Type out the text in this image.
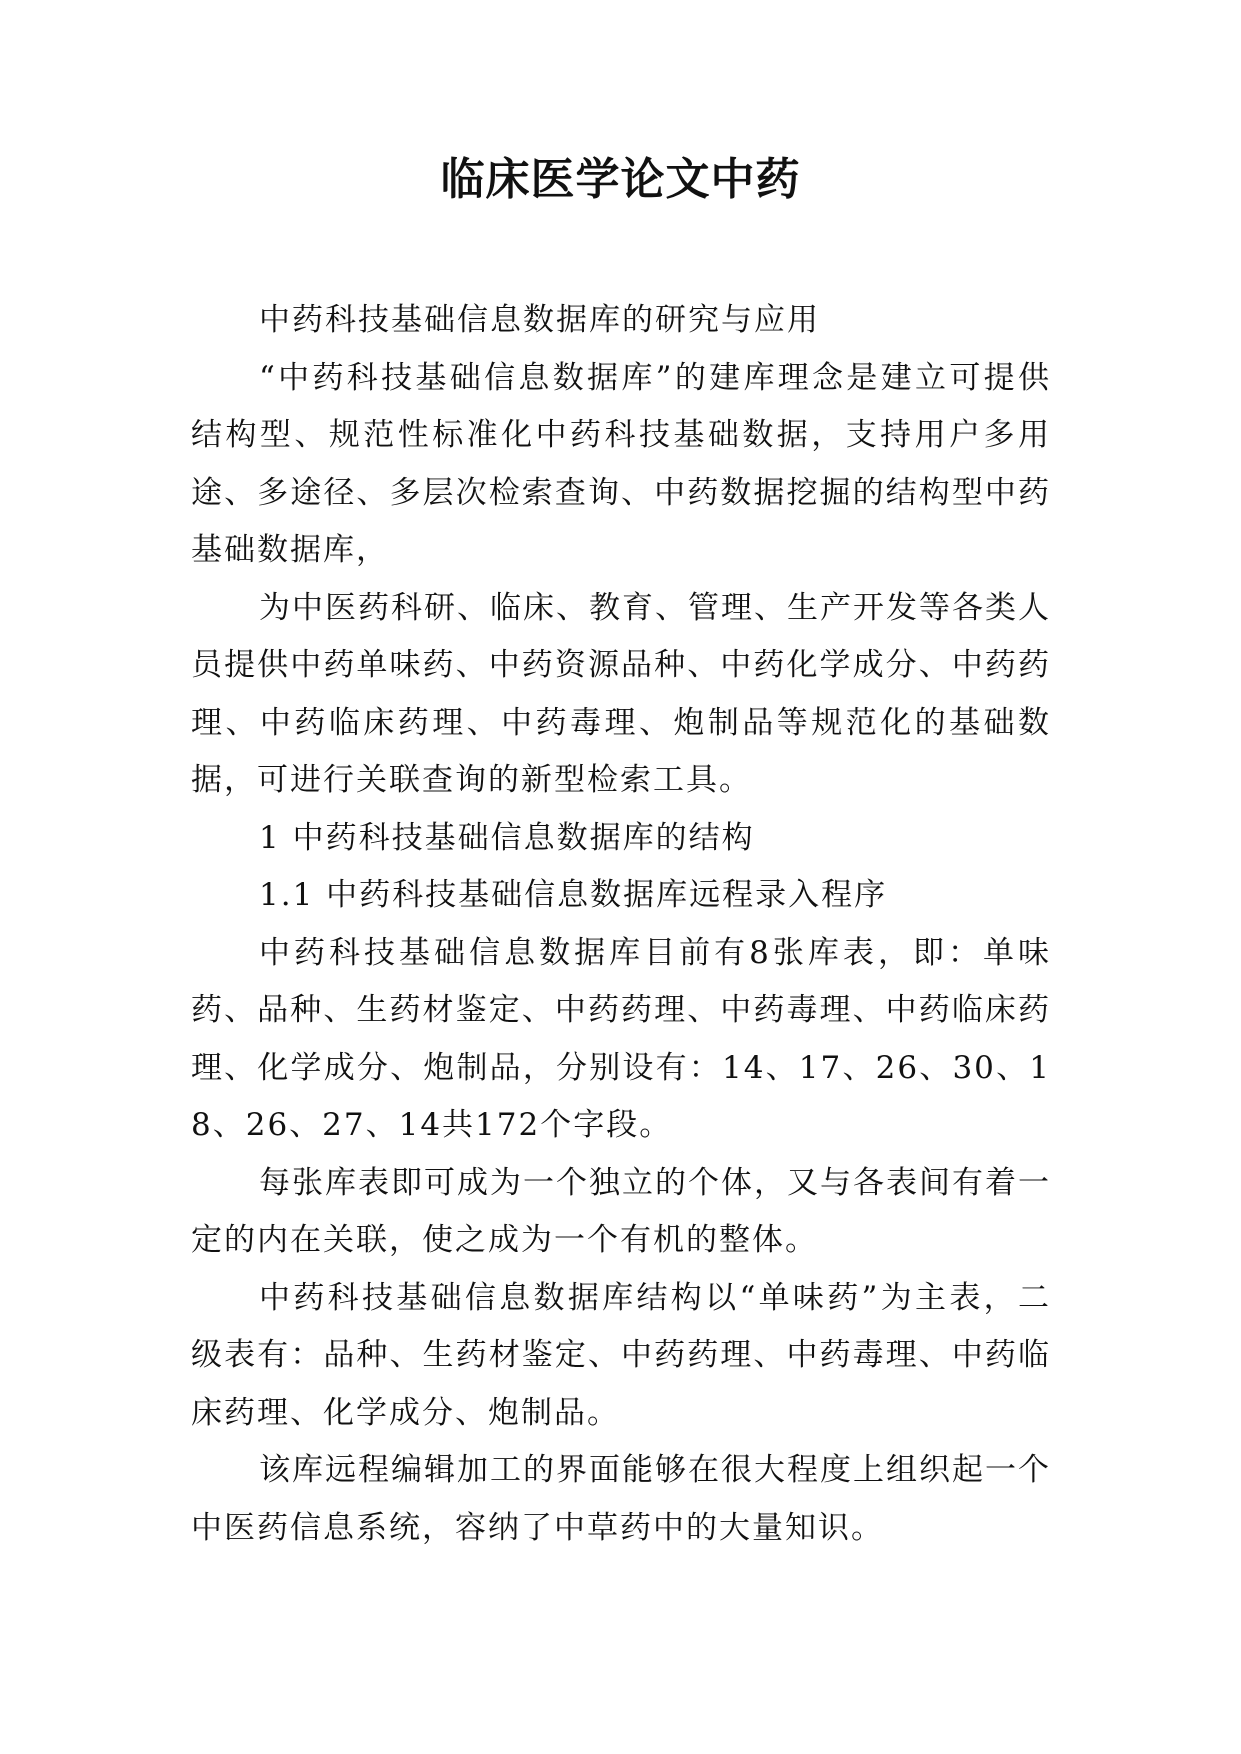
临床医学论文中药

中药科技基础信息数据库的研究与应用

“中药科技基础信息数据库”的建库理念是建立可提供结构型、规范性标准化中药科技基础数据，支持用户多用途、多途径、多层次检索查询、中药数据挖掘的结构型中药基础数据库，

为中医药科研、临床、教育、管理、生产开发等各类人员提供中药单味药、中药资源品种、中药化学成分、中药药理、中药临床药理、中药毒理、炮制品等规范化的基础数据，可进行关联查询的新型检索工具。

1 中药科技基础信息数据库的结构

1.1 中药科技基础信息数据库远程录入程序

中药科技基础信息数据库目前有8张库表，即：单味药、品种、生药材鉴定、中药药理、中药毒理、中药临床药理、化学成分、炮制品，分别设有：14、17、26、30、18、26、27、14共172个字段。

每张库表即可成为一个独立的个体，又与各表间有着一定的内在关联，使之成为一个有机的整体。

中药科技基础信息数据库结构以“单味药”为主表，二级表有：品种、生药材鉴定、中药药理、中药毒理、中药临床药理、化学成分、炮制品。

该库远程编辑加工的界面能够在很大程度上组织起一个中医药信息系统，容纳了中草药中的大量知识。
